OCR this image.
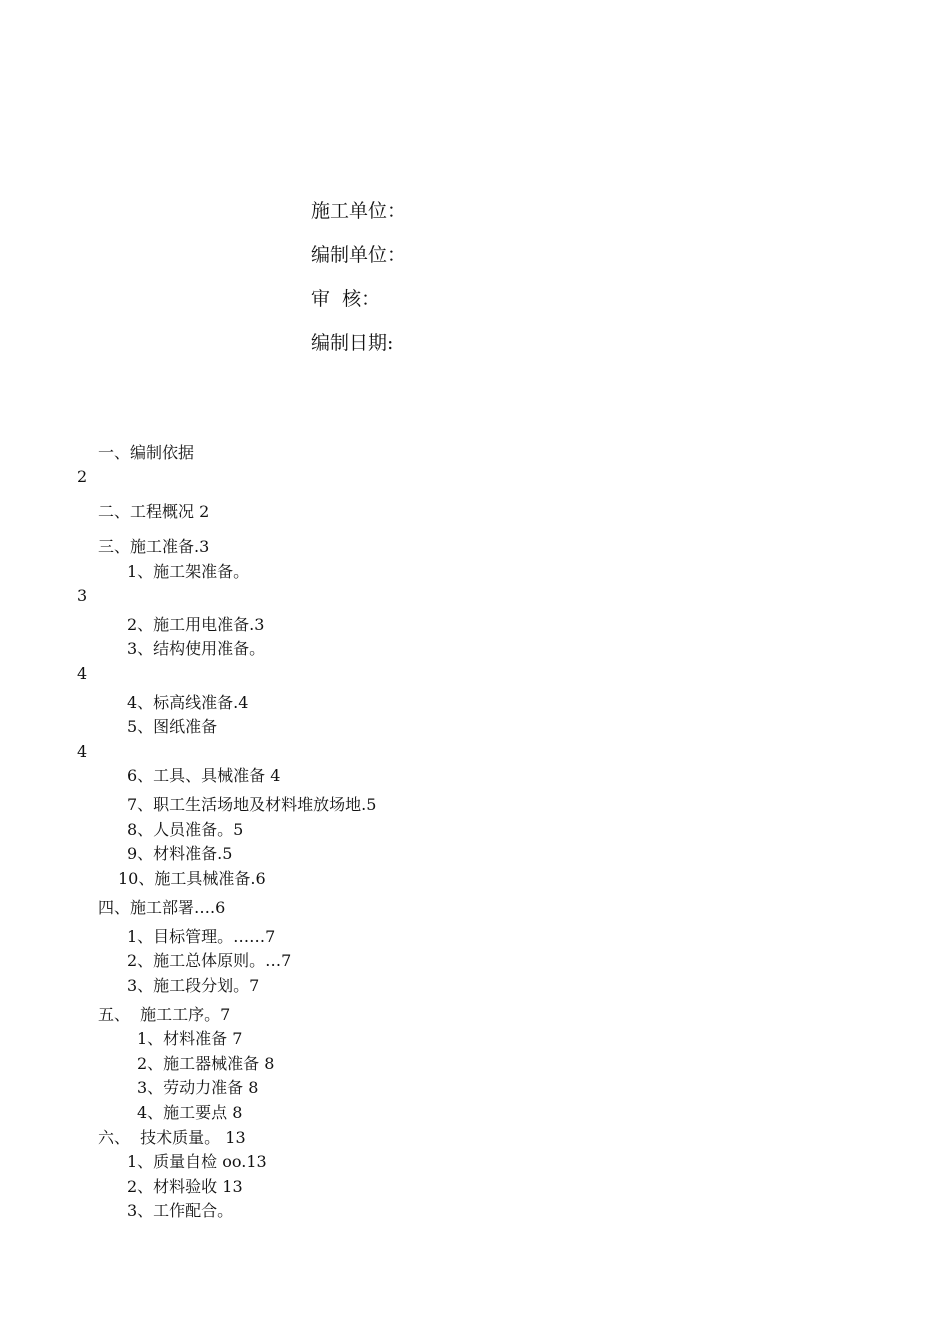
施工单位：
编制单位：
审  核：
编制日期:
一、编制依据
2
二、工程概况 2
三、施工准备.3
1、施工架准备。
3
2、施工用电准备.3
3、结构使用准备。
4
4、标高线准备.4
5、图纸准备
4
6、工具、具械准备 4
7、职工生活场地及材料堆放场地.5
8、人员准备。5
9、材料准备.5
10、施工具械准备.6
四、施工部署….6
1、目标管理。……7
2、施工总体原则。…7
3、施工段分划。7
五、  施工工序。7
1、材料准备 7
2、施工器械准备 8
3、劳动力准备 8
4、施工要点 8
六、  技术质量。 13
1、质量自检 oo.13
2、材料验收 13
3、工作配合。
